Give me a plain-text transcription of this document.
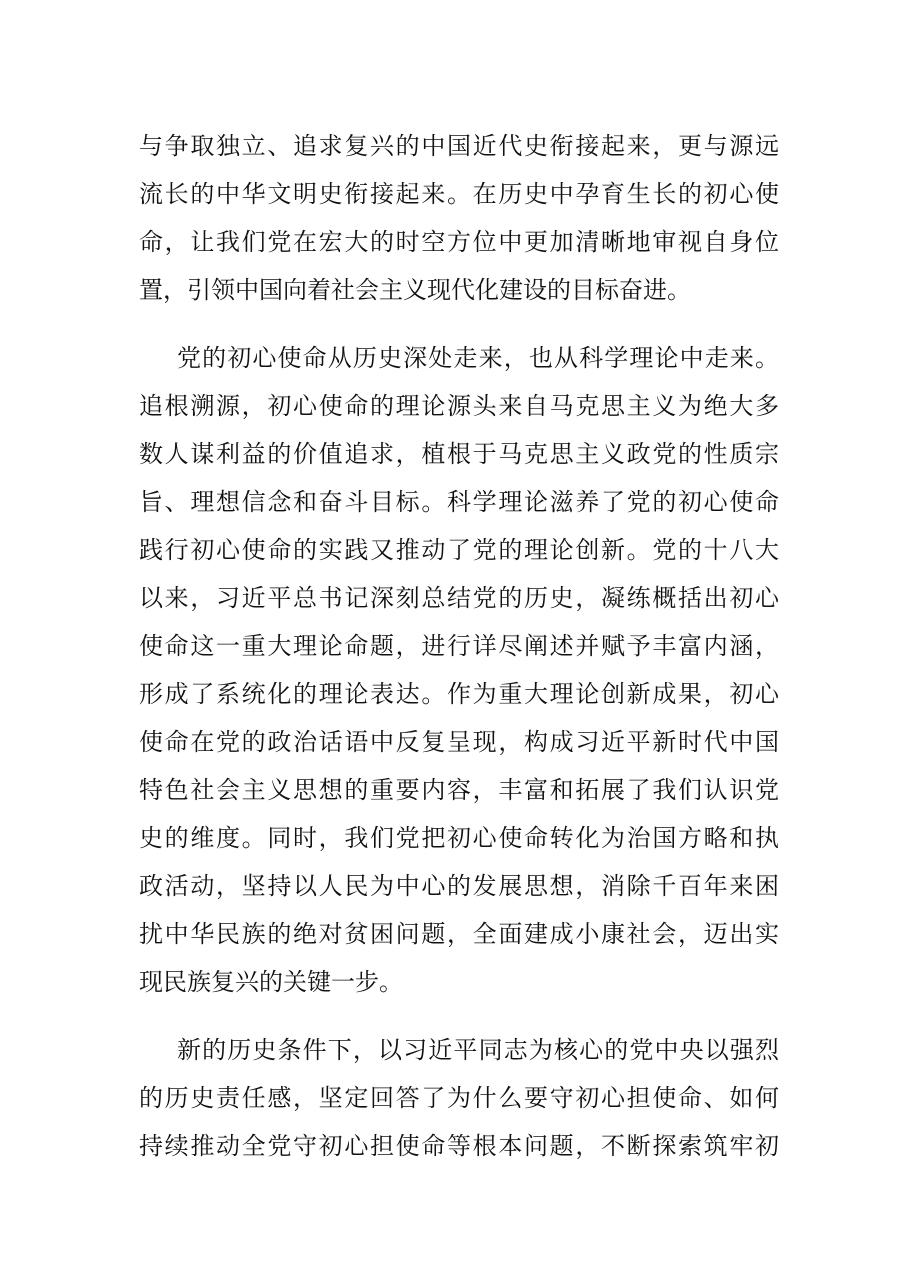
与争取独立、追求复兴的中国近代史衔接起来，更与源远
流长的中华文明史衔接起来。在历史中孕育生长的初心使
命，让我们党在宏大的时空方位中更加清晰地审视自身位
置，引领中国向着社会主义现代化建设的目标奋进。
党的初心使命从历史深处走来，也从科学理论中走来。
追根溯源，初心使命的理论源头来自马克思主义为绝大多
数人谋利益的价值追求，植根于马克思主义政党的性质宗
旨、理想信念和奋斗目标。科学理论滋养了党的初心使命
践行初心使命的实践又推动了党的理论创新。党的十八大
以来，习近平总书记深刻总结党的历史，凝练概括出初心
使命这一重大理论命题，进行详尽阐述并赋予丰富内涵，
形成了系统化的理论表达。作为重大理论创新成果，初心
使命在党的政治话语中反复呈现，构成习近平新时代中国
特色社会主义思想的重要内容，丰富和拓展了我们认识党
史的维度。同时，我们党把初心使命转化为治国方略和执
政活动，坚持以人民为中心的发展思想，消除千百年来困
扰中华民族的绝对贫困问题，全面建成小康社会，迈出实
现民族复兴的关键一步。
新的历史条件下，以习近平同志为核心的党中央以强烈
的历史责任感，坚定回答了为什么要守初心担使命、如何
持续推动全党守初心担使命等根本问题，不断探索筑牢初
